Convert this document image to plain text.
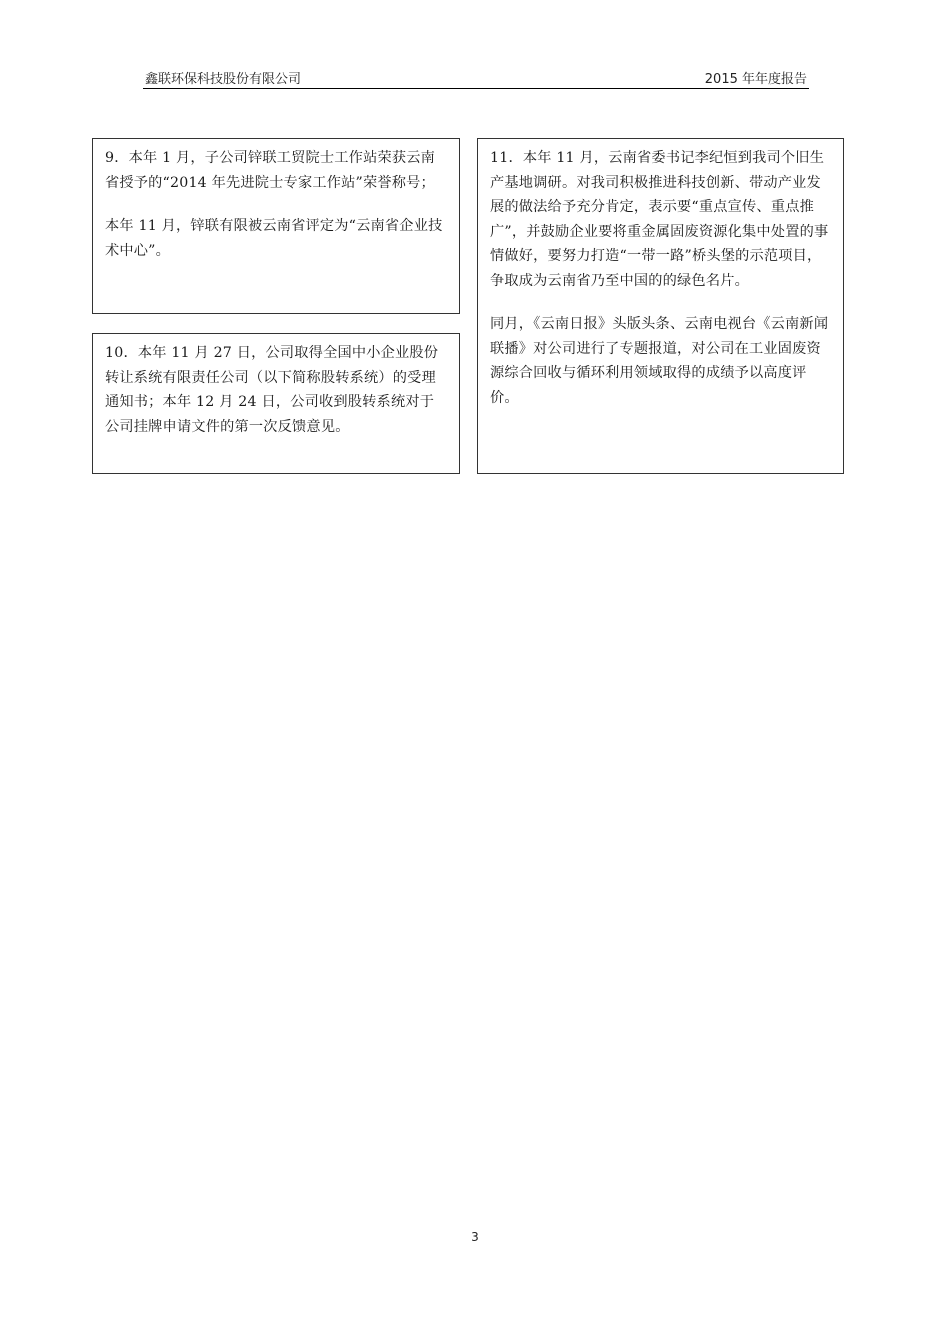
鑫联环保科技股份有限公司	2015 年年度报告

9．本年 1 月，子公司锌联工贸院士工作站荣获云南省授予的“2014 年先进院士专家工作站”荣誉称号；

本年 11 月，锌联有限被云南省评定为“云南省企业技术中心”。

10．本年 11 月 27 日，公司取得全国中小企业股份转让系统有限责任公司（以下简称股转系统）的受理通知书；本年 12 月 24 日，公司收到股转系统对于公司挂牌申请文件的第一次反馈意见。

11．本年 11 月，云南省委书记李纪恒到我司个旧生产基地调研。对我司积极推进科技创新、带动产业发展的做法给予充分肯定，表示要“重点宣传、重点推广”，并鼓励企业要将重金属固废资源化集中处置的事情做好，要努力打造“一带一路”桥头堡的示范项目，争取成为云南省乃至中国的的绿色名片。

同月，《云南日报》头版头条、云南电视台《云南新闻联播》对公司进行了专题报道，对公司在工业固废资源综合回收与循环利用领域取得的成绩予以高度评价。

3
